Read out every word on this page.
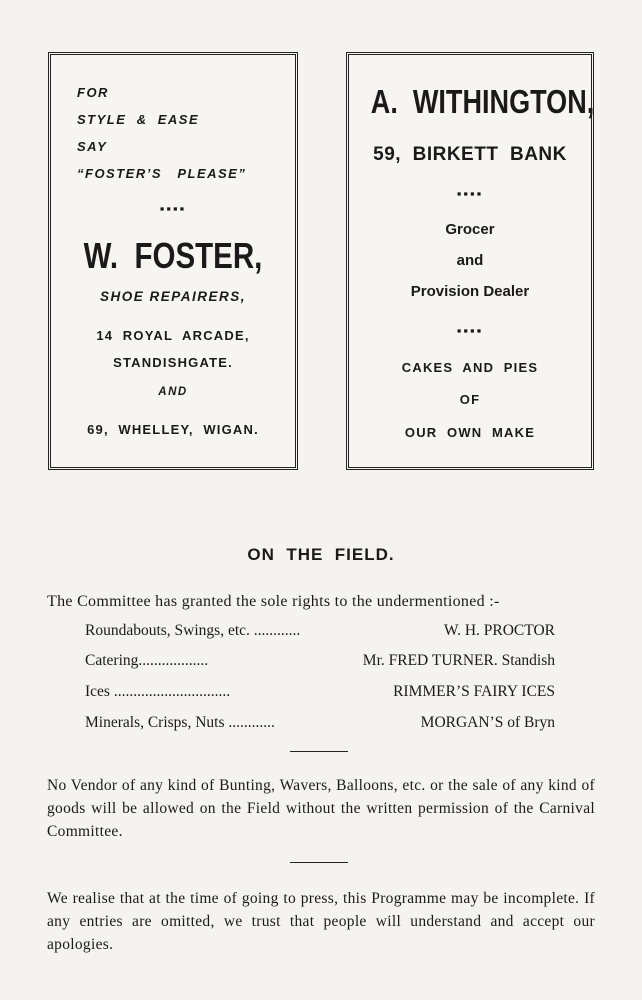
FOR
STYLE  &  EASE
SAY
“FOSTER’S   PLEASE”
▪▪▪▪
W.  FOSTER,
SHOE REPAIRERS,
14  ROYAL  ARCADE,
STANDISHGATE.
AND
69,  WHELLEY,  WIGAN.
A.  WITHINGTON,
59,  BIRKETT  BANK
▪▪▪▪
Grocer
and
Provision Dealer
▪▪▪▪
CAKES  AND  PIES
OF
OUR  OWN  MAKE
ON  THE  FIELD.
The Committee has granted the sole rights to the undermentioned :-
Roundabouts, Swings, etc. ............	W. H. PROCTOR
Catering..................	Mr. FRED TURNER. Standish
Ices ..............................	RIMMER’S FAIRY ICES
Minerals, Crisps, Nuts ............	MORGAN’S of Bryn
No Vendor of any kind of Bunting, Wavers, Balloons, etc. or the sale of any kind of goods will be allowed on the Field without the written permission of the Carnival Committee.
We realise that at the time of going to press, this Programme may be incomplete. If any entries are omitted, we trust that people will understand and accept our apologies.
